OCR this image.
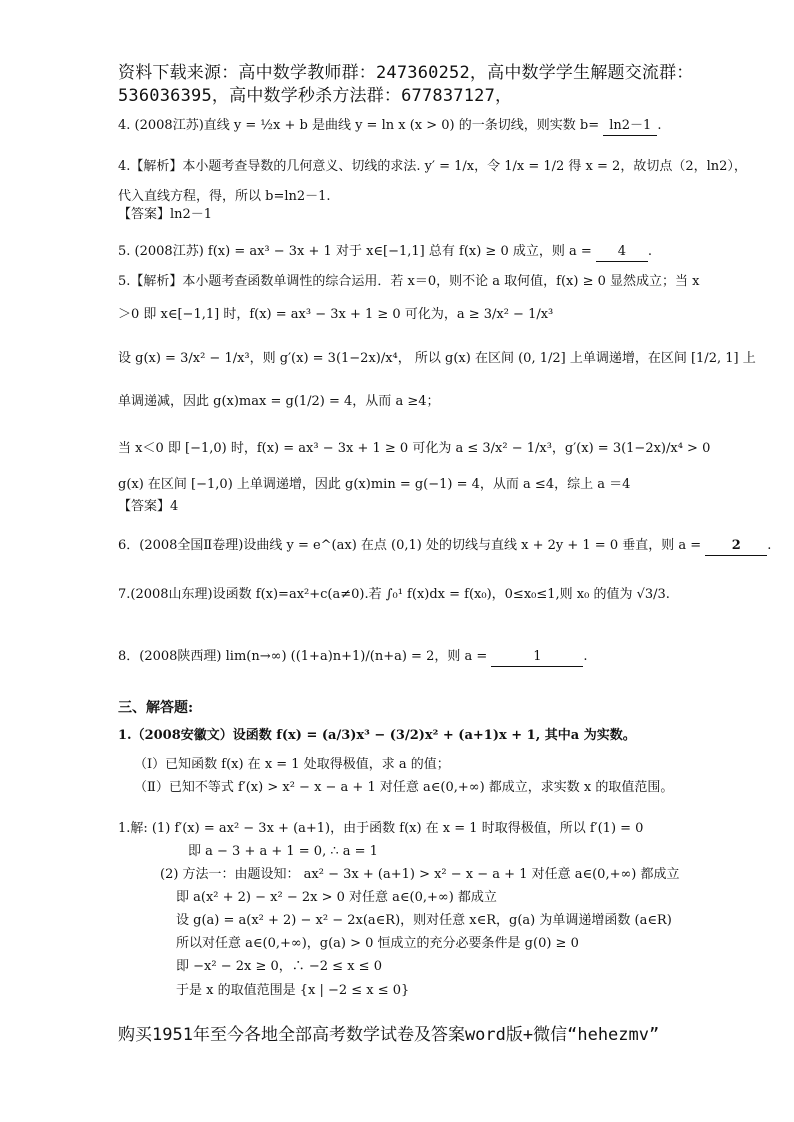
资料下载来源：高中数学教师群：247360252，高中数学学生解题交流群：
536036395，高中数学秒杀方法群：677837127，
4. (2008江苏)直线 y = ½x + b 是曲线 y = ln x (x > 0) 的一条切线，则实数 b= ln2－1 .
4.【解析】本小题考查导数的几何意义、切线的求法. y′ = 1/x，令 1/x = 1/2 得 x = 2，故切点（2，ln2），
代入直线方程，得，所以 b=ln2－1.
【答案】ln2－1
5. (2008江苏) f(x) = ax³ − 3x + 1 对于 x∈[−1,1] 总有 f(x) ≥ 0 成立，则 a = 4 .
5.【解析】本小题考查函数单调性的综合运用．若 x＝0，则不论 a 取何值，f(x) ≥ 0 显然成立；当 x
＞0 即 x∈[−1,1] 时，f(x) = ax³ − 3x + 1 ≥ 0 可化为，a ≥ 3/x² − 1/x³
设 g(x) = 3/x² − 1/x³，则 g′(x) = 3(1−2x)/x⁴， 所以 g(x) 在区间 (0, 1/2] 上单调递增，在区间 [1/2, 1] 上
单调递减，因此 g(x)max = g(1/2) = 4，从而 a ≥4；
当 x＜0 即 [−1,0) 时，f(x) = ax³ − 3x + 1 ≥ 0 可化为 a ≤ 3/x² − 1/x³，g′(x) = 3(1−2x)/x⁴ > 0
g(x) 在区间 [−1,0) 上单调递增，因此 g(x)min = g(−1) = 4，从而 a ≤4，综上 a ＝4
【答案】4
6．(2008全国Ⅱ卷理)设曲线 y = e^(ax) 在点 (0,1) 处的切线与直线 x + 2y + 1 = 0 垂直，则 a = 2 .
7.(2008山东理)设函数 f(x)=ax²+c(a≠0).若 ∫₀¹ f(x)dx = f(x₀)，0≤x₀≤1,则 x₀ 的值为 √3/3.
8．(2008陕西理) lim(n→∞) ((1+a)n+1)/(n+a) = 2，则 a =	1	.
三、解答题:
1.（2008安徽文）设函数 f(x) = (a/3)x³ − (3/2)x² + (a+1)x + 1, 其中a 为实数。
（Ⅰ）已知函数 f(x) 在 x = 1 处取得极值，求 a 的值；
（Ⅱ）已知不等式 f′(x) > x² − x − a + 1 对任意 a∈(0,+∞) 都成立，求实数 x 的取值范围。
1.解: (1) f′(x) = ax² − 3x + (a+1)，由于函数 f(x) 在 x = 1 时取得极值，所以 f′(1) = 0
即 a − 3 + a + 1 = 0, ∴ a = 1
(2) 方法一：由题设知： ax² − 3x + (a+1) > x² − x − a + 1 对任意 a∈(0,+∞) 都成立
即 a(x² + 2) − x² − 2x > 0 对任意 a∈(0,+∞) 都成立
设 g(a) = a(x² + 2) − x² − 2x(a∈R)，则对任意 x∈R，g(a) 为单调递增函数 (a∈R)
所以对任意 a∈(0,+∞)，g(a) > 0 恒成立的充分必要条件是 g(0) ≥ 0
即 −x² − 2x ≥ 0，∴ −2 ≤ x ≤ 0
于是 x 的取值范围是 {x | −2 ≤ x ≤ 0}
购买1951年至今各地全部高考数学试卷及答案word版+微信“hehezmv”
